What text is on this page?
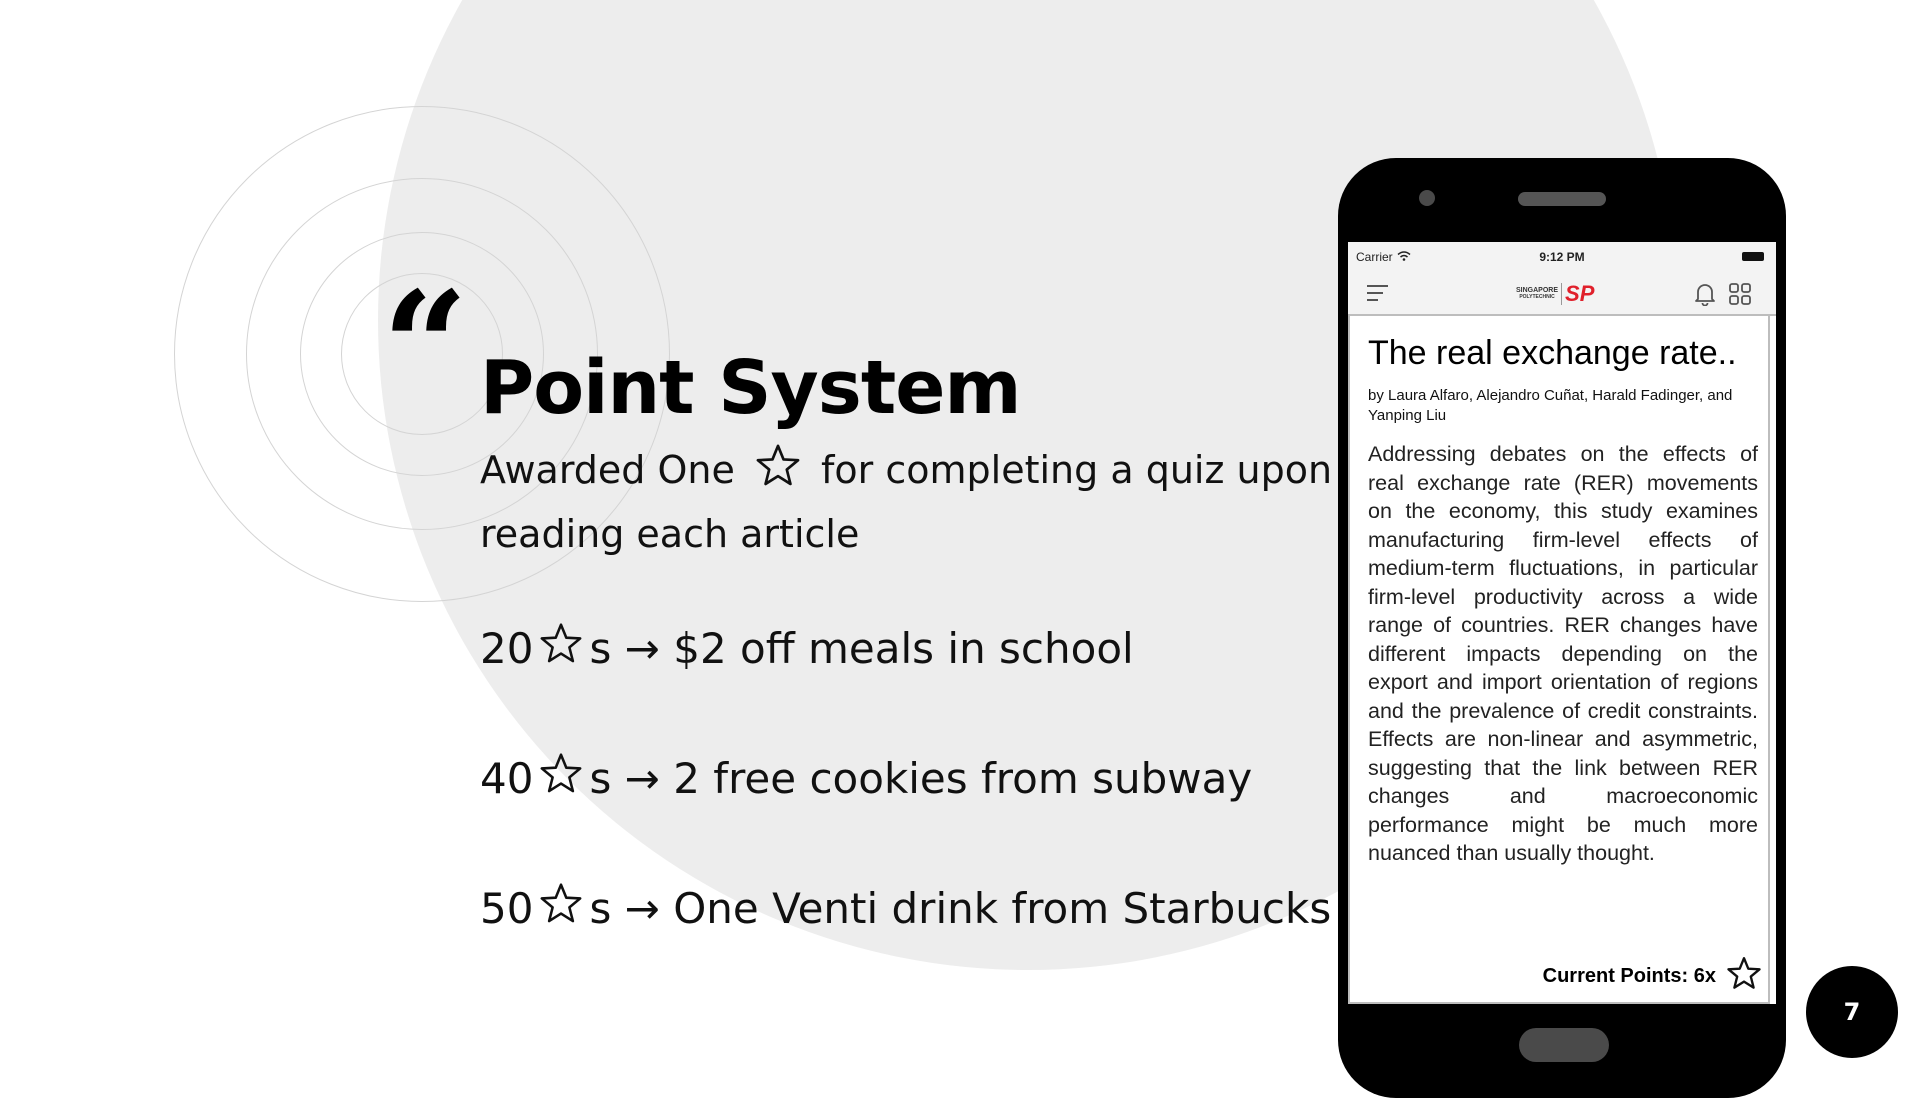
“ Point System
Awarded One for completing a quiz upon reading each article
20 s → $2 off meals in school
40 s → 2 free cookies from subway
50 s → One Venti drink from Starbucks
Carrier	9:12 PM
SINGAPORE
POLYTECHNIC SP
The real exchange rate..
by Laura Alfaro, Alejandro Cuñat, Harald Fadinger, and Yanping Liu
Addressing debates on the effects of real exchange rate (RER) movements on the economy, this study examines manufacturing firm-level effects of medium-term fluctuations, in particular firm-level productivity across a wide range of countries. RER changes have different impacts depending on the export and import orientation of regions and the prevalence of credit constraints. Effects are non-linear and asymmetric, suggesting that the link between RER changes and macroeconomic performance might be much more nuanced than usually thought.
Current Points: 6x
7
